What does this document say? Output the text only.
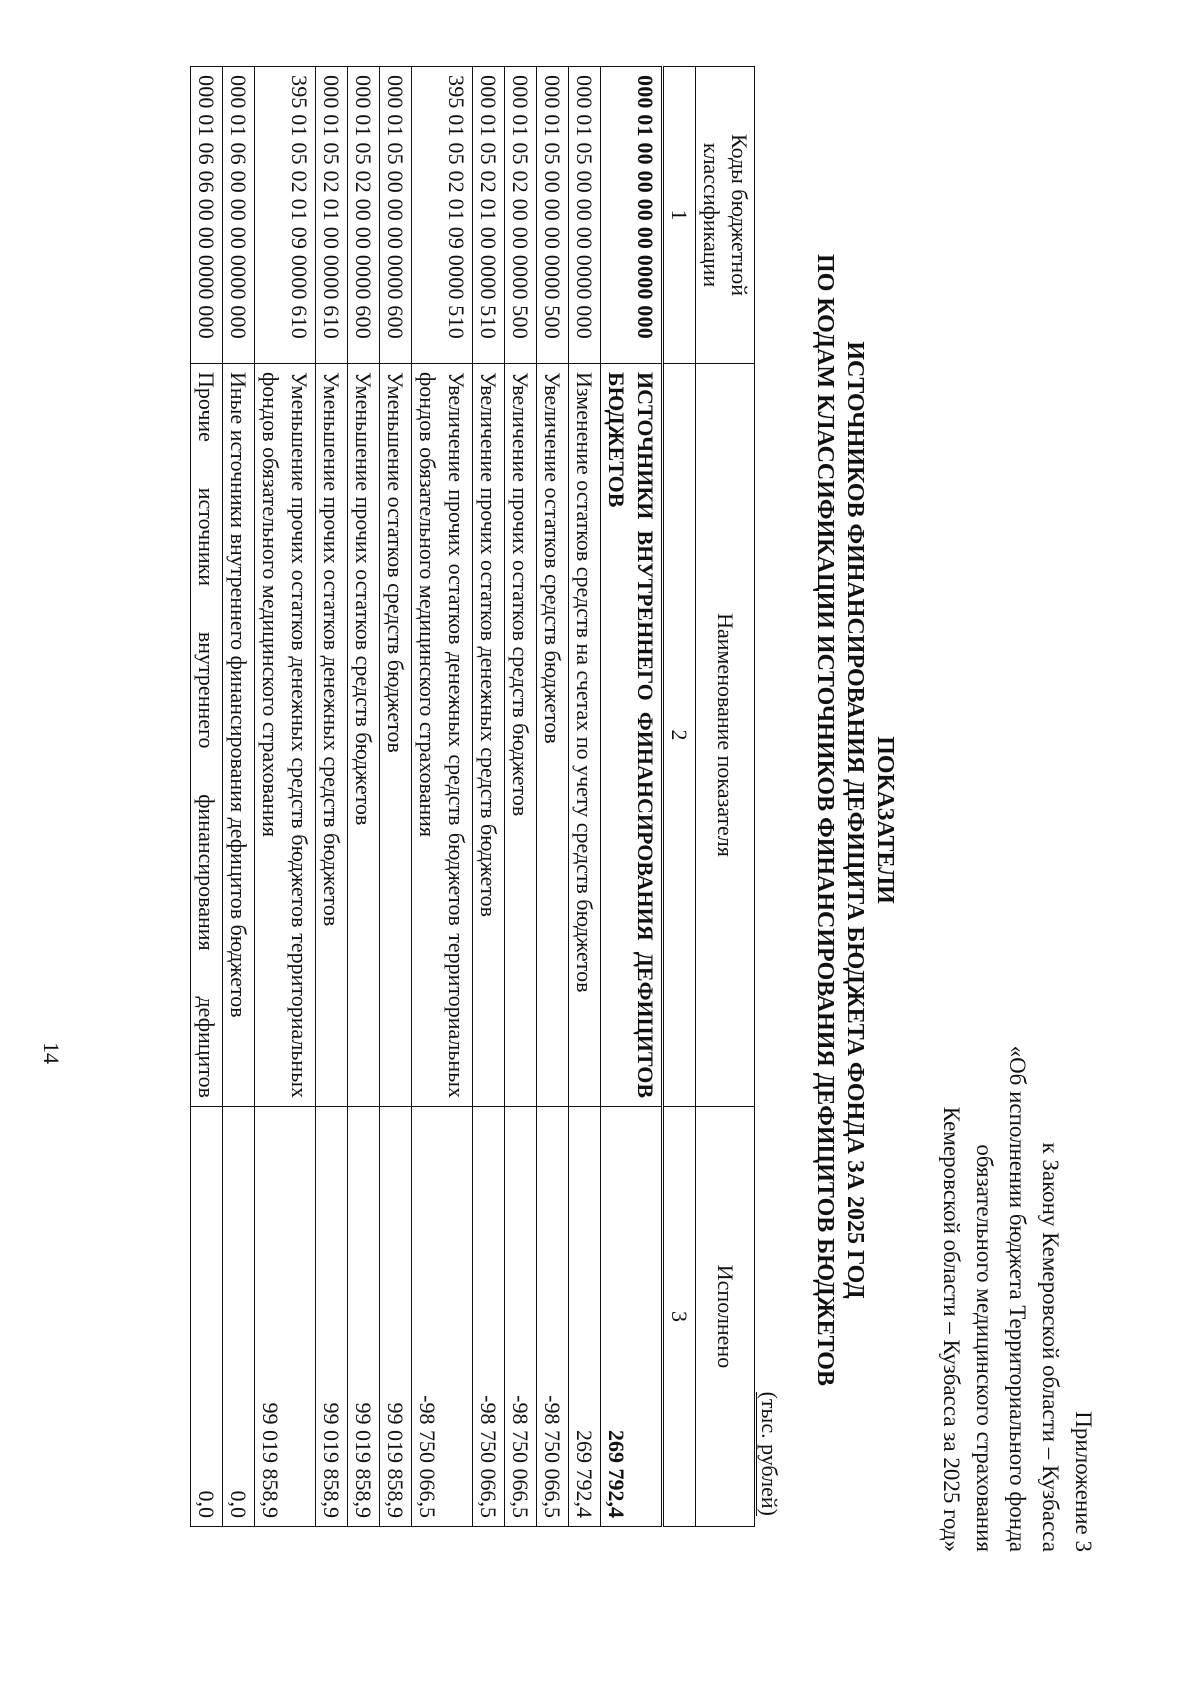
14
Приложение 3
к Закону Кемеровской области – Кузбасса
«Об исполнении бюджета Территориального фонда
обязательного медицинского страхования
Кемеровской области – Кузбасса за 2025 год»
ПОКАЗАТЕЛИ
ИСТОЧНИКОВ ФИНАНСИРОВАНИЯ ДЕФИЦИТА БЮДЖЕТА ФОНДА ЗА 2025 ГОД
ПО КОДАМ КЛАССИФИКАЦИИ ИСТОЧНИКОВ ФИНАНСИРОВАНИЯ ДЕФИЦИТОВ БЮДЖЕТОВ
(тыс. рублей)
Коды бюджетной классификации	Наименование показателя	Исполнено
1	2	3
000 01 00 00 00 00 0000 000	ИСТОЧНИКИ ВНУТРЕННЕГО ФИНАНСИРОВАНИЯ ДЕФИЦИТОВ БЮДЖЕТОВ	269 792,4
000 01 05 00 00 00 0000 000	Изменение остатков средств на счетах по учету средств бюджетов	269 792,4
000 01 05 00 00 00 0000 500	Увеличение остатков средств бюджетов	-98 750 066,5
000 01 05 02 00 00 0000 500	Увеличение прочих остатков средств бюджетов	-98 750 066,5
000 01 05 02 01 00 0000 510	Увеличение прочих остатков денежных средств бюджетов	-98 750 066,5
395 01 05 02 01 09 0000 510	Увеличение прочих остатков денежных средств бюджетов территориальных фондов обязательного медицинского страхования	-98 750 066,5
000 01 05 00 00 00 0000 600	Уменьшение остатков средств бюджетов	99 019 858,9
000 01 05 02 00 00 0000 600	Уменьшение прочих остатков средств бюджетов	99 019 858,9
000 01 05 02 01 00 0000 610	Уменьшение прочих остатков денежных средств бюджетов	99 019 858,9
395 01 05 02 01 09 0000 610	Уменьшение прочих остатков денежных средств бюджетов территориальных фондов обязательного медицинского страхования	99 019 858,9
000 01 06 00 00 00 0000 000	Иные источники внутреннего финансирования дефицитов бюджетов	0,0
000 01 06 06 00 00 0000 000	Прочие источники внутреннего финансирования дефицитов	0,0
